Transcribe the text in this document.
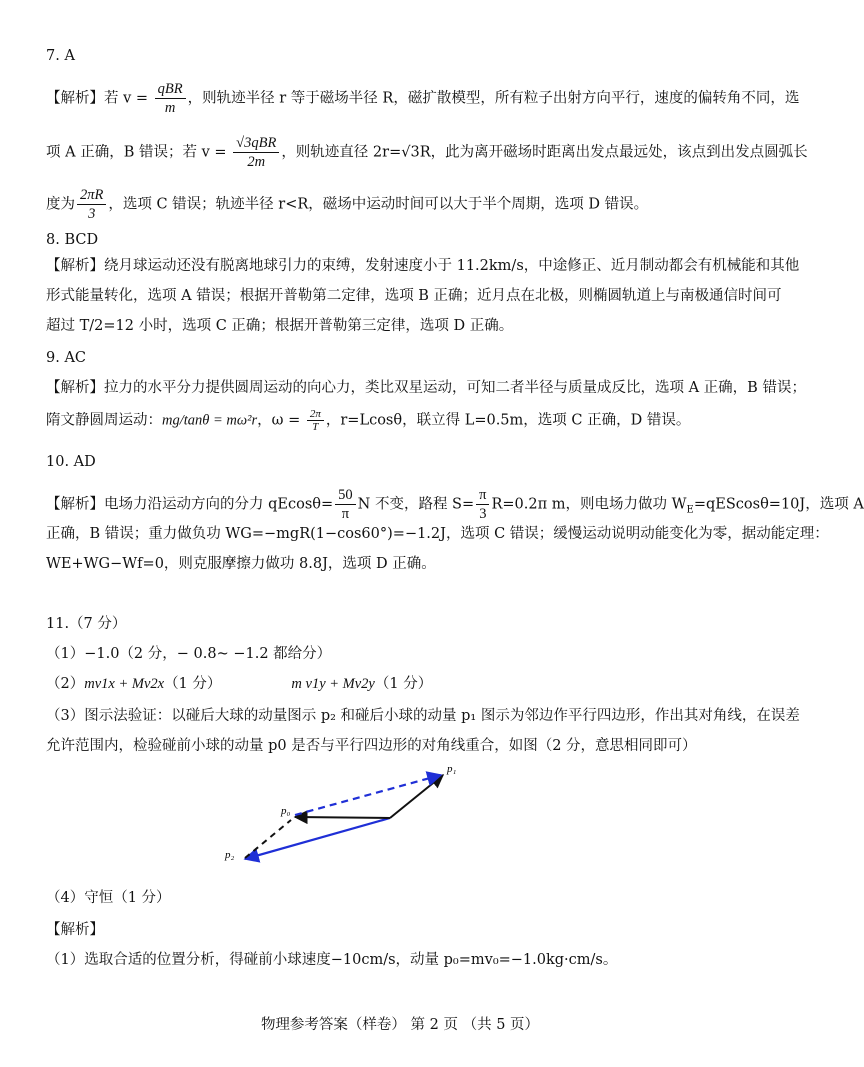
7. A
【解析】若 $v = \frac{\text{qBR}}{m}$ ，则轨迹半径 r 等于磁场半径 R，磁扩散模型，所有粒子出射方向平行，速度的偏转角不同，选
项 A 正确，B 错误；若 $v = \frac{\text{√3qBR}}{2m}$ ，则轨迹直径 2r=√3R，此为离开磁场时距离出发点最远处，该点到出发点圆弧长
度为 $\frac{2\pi R}{3}$ ，选项 C 错误；轨迹半径 r<R，磁场中运动时间可以大于半个周期，选项 D 错误。
8. BCD
【解析】绕月球运动还没有脱离地球引力的束缚，发射速度小于 11.2km/s，中途修正、近月制动都会有机械能和其他
形式能量转化，选项 A 错误；根据开普勒第二定律，选项 B 正确；近月点在北极，则椭圆轨道上与南极通信时间可
超过 T/2=12 小时，选项 C 正确；根据开普勒第三定律，选项 D 正确。
9. AC
【解析】拉力的水平分力提供圆周运动的向心力，类比双星运动，可知二者半径与质量成反比，选项 A 正确，B 错误；
隋文静圆周运动：mg/tanθ = mω²r，$\omega = \frac{2\pi}{T}$ ，r=Lcosθ，联立得 L=0.5m，选项 C 正确，D 错误。
10. AD
【解析】电场力沿运动方向的分力 $qEcos\theta= \frac{50}{\pi}$ N 不变，路程 $S= \frac{\pi}{3} R=0.2\pi$ m，则电场力做功 $W_E=qEScos\theta=10J$，选项 A
正确，B 错误；重力做负功 WG=−mgR(1−cos60°)=−1.2J，选项 C 错误；缓慢运动说明动能变化为零，据动能定理：
WE+WG−Wf=0，则克服摩擦力做功 8.8J，选项 D 正确。
11.（7 分）
（1）−1.0（2 分，− 0.8~ −1.2 都给分）
（2）mv1x + Mv2x（1 分）	m v1y + Mv2y（1 分）
（3）图示法验证：以碰后大球的动量图示 p₂ 和碰后小球的动量 p₁ 图示为邻边作平行四边形，作出其对角线，在误差
允许范围内，检验碰前小球的动量 p0 是否与平行四边形的对角线重合，如图（2 分，意思相同即可）
p₁
p₀
p₂
（4）守恒（1 分）
【解析】
（1）选取合适的位置分析，得碰前小球速度−10cm/s，动量 p₀=mv₀=−1.0kg·cm/s。
物理参考答案（样卷） 第 2 页 （共 5 页）
